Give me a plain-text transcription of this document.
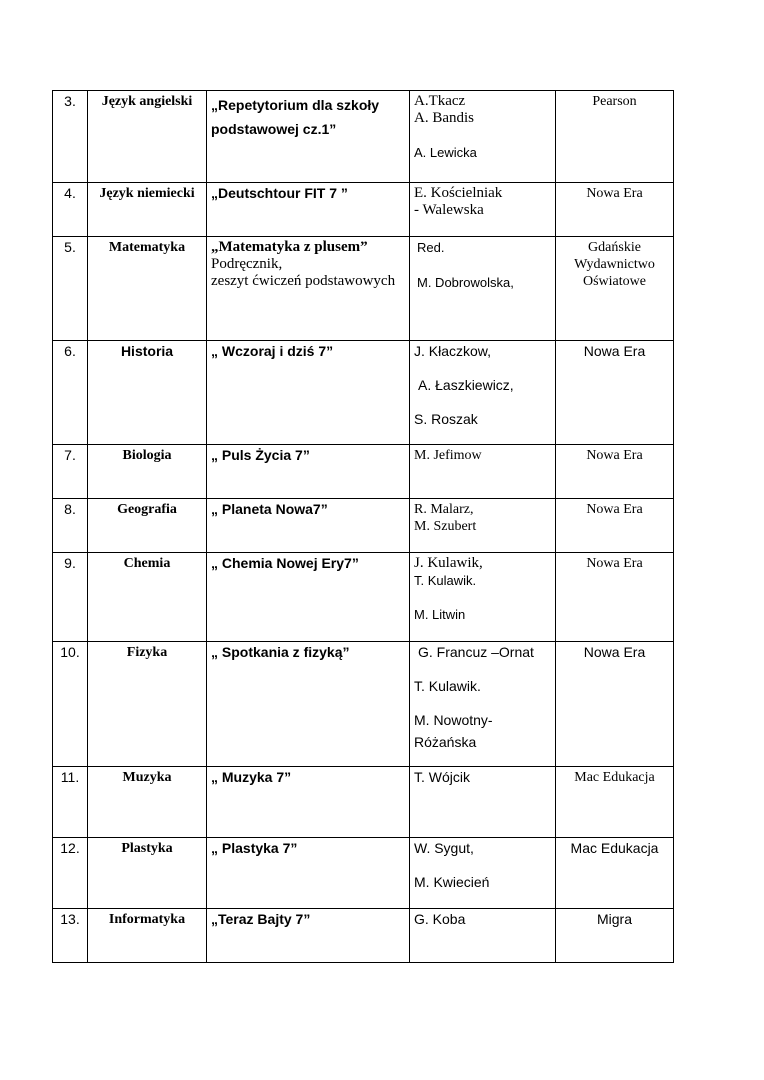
3.	Język angielski	„Repetytorium dla szkoły
podstawowej cz.1”	A.Tkacz
A. Bandis
A. Lewicka	Pearson
4.	Język niemiecki	„Deutschtour FIT 7 ”	E. Kościelniak
- Walewska	Nowa Era
5.	Matematyka	„Matematyka z plusem”
Podręcznik,
zeszyt ćwiczeń podstawowych	Red.
M. Dobrowolska,	Gdańskie
Wydawnictwo
Oświatowe

6.	Historia	„ Wczoraj i dziś 7”	J. Kłaczkow,
A. Łaszkiewicz,
S. Roszak	Nowa Era
7.	Biologia	„ Puls Życia 7”	M. Jefimow	Nowa Era
8.	Geografia	„ Planeta Nowa7”	R. Malarz,
M. Szubert	Nowa Era
9.	Chemia	„ Chemia Nowej Ery7”	J. Kulawik,
T. Kulawik.
M. Litwin	Nowa Era
10.	Fizyka	„ Spotkania z fizyką”	G. Francuz –Ornat
T. Kulawik.
M. Nowotny-
Różańska	Nowa Era
11.	Muzyka	„ Muzyka 7”	T. Wójcik	Mac Edukacja
12.	Plastyka	„ Plastyka 7”	W. Sygut,
M. Kwiecień	Mac Edukacja
13.	Informatyka	„Teraz Bajty 7”	G. Koba	Migra
